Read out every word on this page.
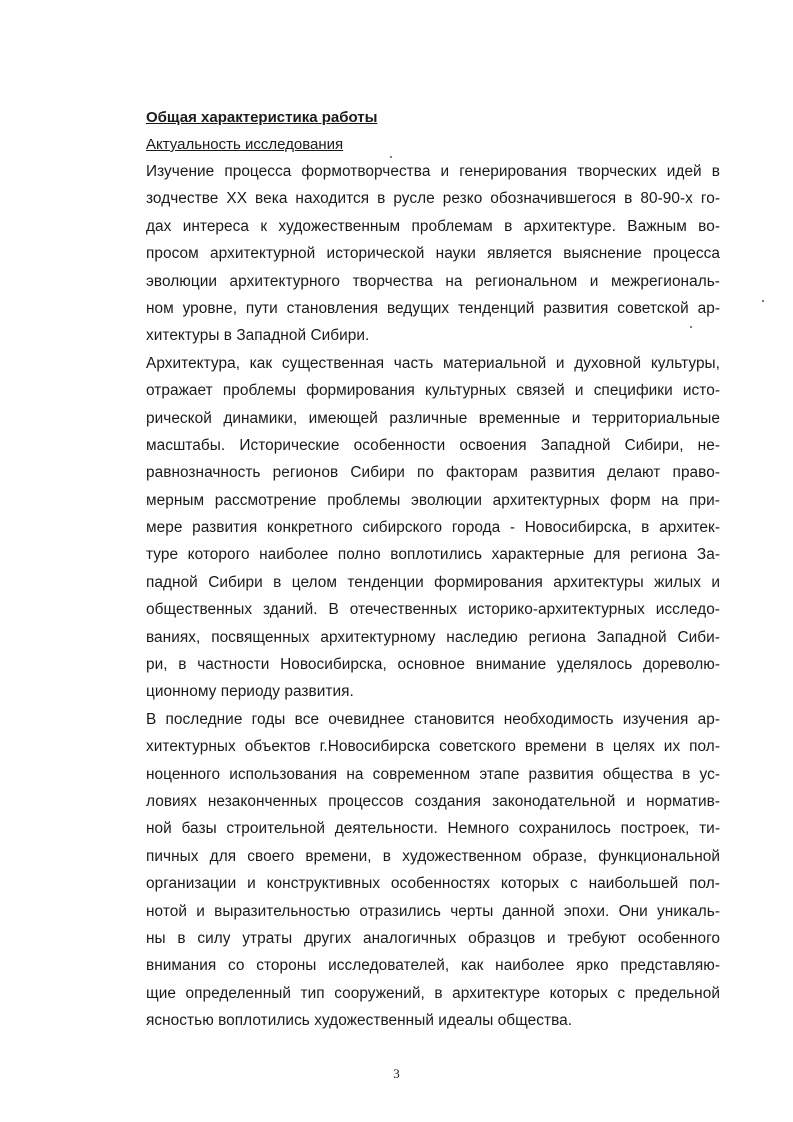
Общая характеристика работы

Актуальность исследования

Изучение процесса формотворчества и генерирования творческих идей в
зодчестве XX века находится в русле резко обозначившегося в 80-90-х го-
дах интереса к художественным проблемам в архитектуре. Важным во-
просом архитектурной исторической науки является выяснение процесса
эволюции архитектурного творчества на региональном и межрегиональ-
ном уровне, пути становления ведущих тенденций развития советской ар-
хитектуры в Западной Сибири.
Архитектура, как существенная часть материальной и духовной культуры,
отражает проблемы формирования культурных связей и специфики исто-
рической динамики, имеющей различные временные и территориальные
масштабы. Исторические особенности освоения Западной Сибири, не-
равнозначность регионов Сибири по факторам развития делают право-
мерным рассмотрение проблемы эволюции архитектурных форм на при-
мере развития конкретного сибирского города - Новосибирска, в архитек-
туре которого наиболее полно воплотились характерные для региона За-
падной Сибири в целом тенденции формирования архитектуры жилых и
общественных зданий. В отечественных историко-архитектурных исследо-
ваниях, посвященных архитектурному наследию региона Западной Сиби-
ри, в частности Новосибирска, основное внимание уделялось дореволю-
ционному периоду развития.
В последние годы все очевиднее становится необходимость изучения ар-
хитектурных объектов г.Новосибирска советского времени в целях их пол-
ноценного использования на современном этапе развития общества в ус-
ловиях незаконченных процессов создания законодательной и норматив-
ной базы строительной деятельности. Немного сохранилось построек, ти-
пичных для своего времени, в художественном образе, функциональной
организации и конструктивных особенностях которых с наибольшей пол-
нотой и выразительностью отразились черты данной эпохи. Они уникаль-
ны в силу утраты других аналогичных образцов и требуют особенного
внимания со стороны исследователей, как наиболее ярко представляю-
щие определенный тип сооружений, в архитектуре которых с предельной
ясностью воплотились художественный идеалы общества.
3
